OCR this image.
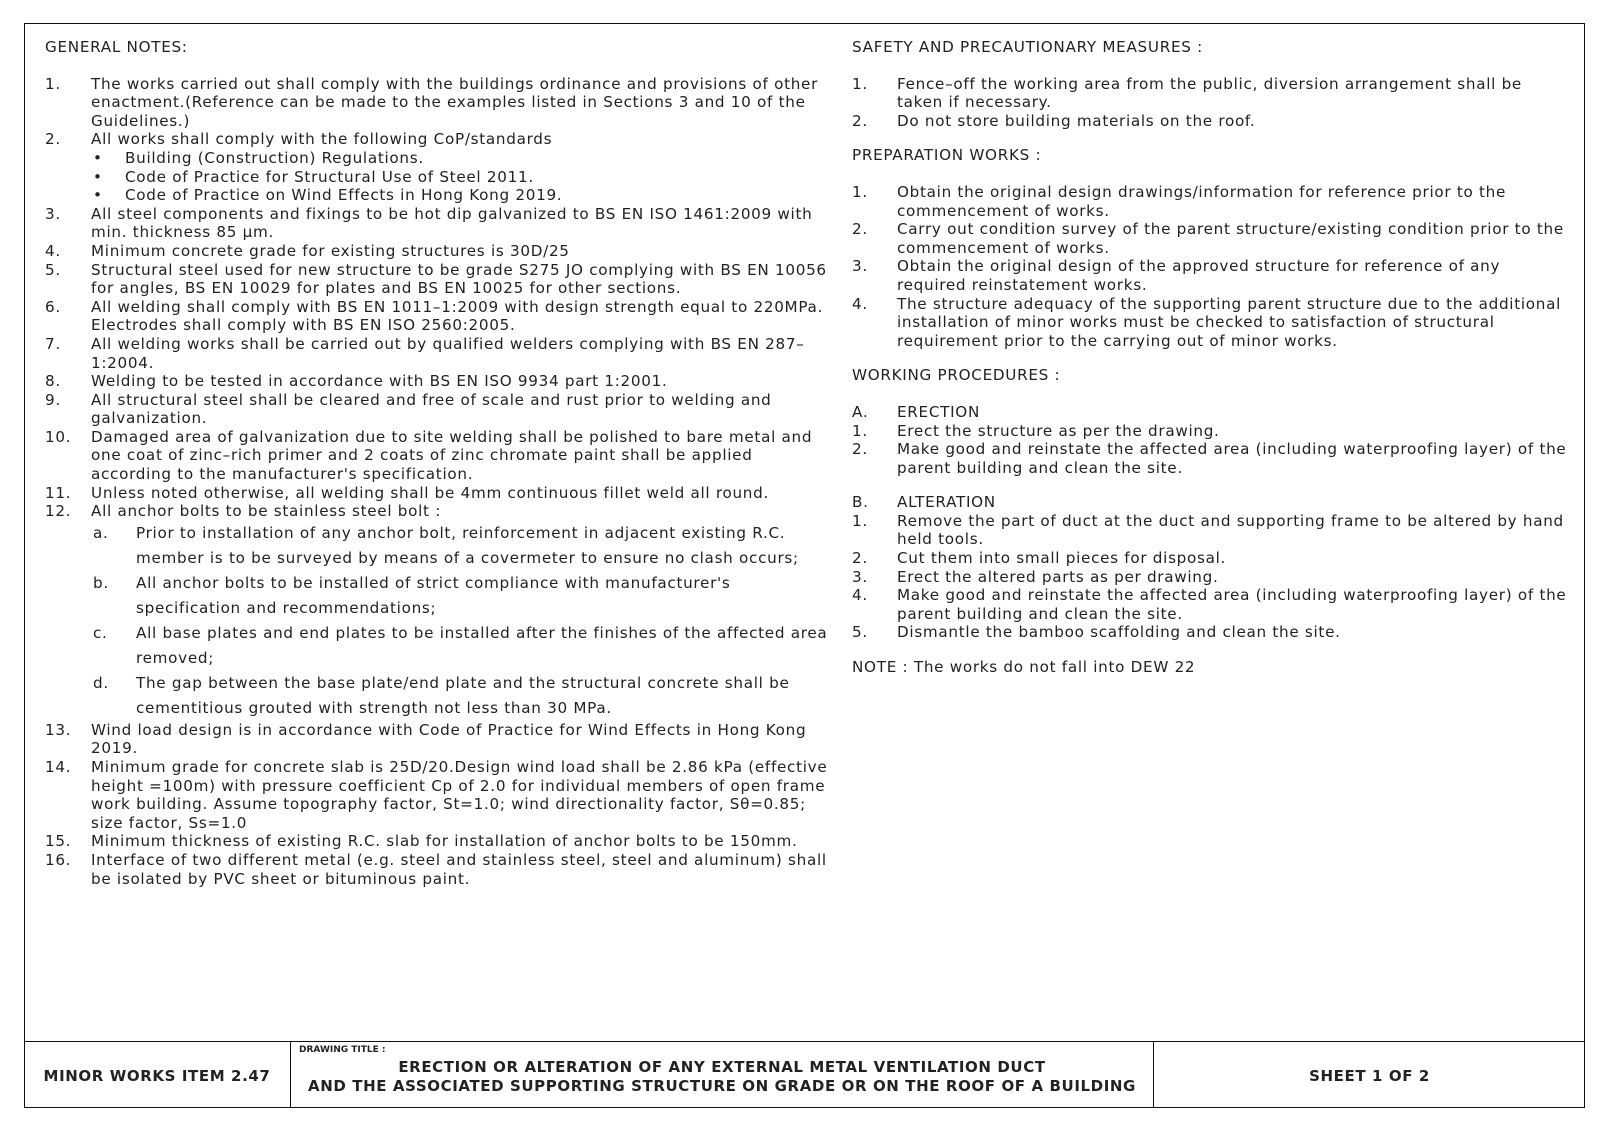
GENERAL NOTES:
1. The works carried out shall comply with the buildings ordinance and provisions of other enactment.(Reference can be made to the examples listed in Sections 3 and 10 of the Guidelines.)
2. All works shall comply with the following CoP/standards
• Building (Construction) Regulations.
• Code of Practice for Structural Use of Steel 2011.
• Code of Practice on Wind Effects in Hong Kong 2019.
3. All steel components and fixings to be hot dip galvanized to BS EN ISO 1461:2009 with min. thickness 85 µm.
4. Minimum concrete grade for existing structures is 30D/25
5. Structural steel used for new structure to be grade S275 JO complying with BS EN 10056 for angles, BS EN 10029 for plates and BS EN 10025 for other sections.
6. All welding shall comply with BS EN 1011–1:2009 with design strength equal to 220MPa. Electrodes shall comply with BS EN ISO 2560:2005.
7. All welding works shall be carried out by qualified welders complying with BS EN 287–1:2004.
8. Welding to be tested in accordance with BS EN ISO 9934 part 1:2001.
9. All structural steel shall be cleared and free of scale and rust prior to welding and galvanization.
10. Damaged area of galvanization due to site welding shall be polished to bare metal and one coat of zinc–rich primer and 2 coats of zinc chromate paint shall be applied according to the manufacturer's specification.
11. Unless noted otherwise, all welding shall be 4mm continuous fillet weld all round.
12. All anchor bolts to be stainless steel bolt :
a. Prior to installation of any anchor bolt, reinforcement in adjacent existing R.C. member is to be surveyed by means of a covermeter to ensure no clash occurs;
b. All anchor bolts to be installed of strict compliance with manufacturer's specification and recommendations;
c. All base plates and end plates to be installed after the finishes of the affected area removed;
d. The gap between the base plate/end plate and the structural concrete shall be cementitious grouted with strength not less than 30 MPa.
13. Wind load design is in accordance with Code of Practice for Wind Effects in Hong Kong 2019.
14. Minimum grade for concrete slab is 25D/20.Design wind load shall be 2.86 kPa (effective height =100m) with pressure coefficient Cp of 2.0 for individual members of open frame work building. Assume topography factor, St=1.0; wind directionality factor, Sθ=0.85; size factor, Ss=1.0
15. Minimum thickness of existing R.C. slab for installation of anchor bolts to be 150mm.
16. Interface of two different metal (e.g. steel and stainless steel, steel and aluminum) shall be isolated by PVC sheet or bituminous paint.
SAFETY AND PRECAUTIONARY MEASURES :
1. Fence–off the working area from the public, diversion arrangement shall be taken if necessary.
2. Do not store building materials on the roof.
PREPARATION WORKS :
1. Obtain the original design drawings/information for reference prior to the commencement of works.
2. Carry out condition survey of the parent structure/existing condition prior to the commencement of works.
3. Obtain the original design of the approved structure for reference of any required reinstatement works.
4. The structure adequacy of the supporting parent structure due to the additional installation of minor works must be checked to satisfaction of structural requirement prior to the carrying out of minor works.
WORKING PROCEDURES :
A. ERECTION
1. Erect the structure as per the drawing.
2. Make good and reinstate the affected area (including waterproofing layer) of the parent building and clean the site.
B. ALTERATION
1. Remove the part of duct at the duct and supporting frame to be altered by hand held tools.
2. Cut them into small pieces for disposal.
3. Erect the altered parts as per drawing.
4. Make good and reinstate the affected area (including waterproofing layer) of the parent building and clean the site.
5. Dismantle the bamboo scaffolding and clean the site.
NOTE : The works do not fall into DEW 22
MINOR WORKS ITEM 2.47
DRAWING TITLE :
ERECTION OR ALTERATION OF ANY EXTERNAL METAL VENTILATION DUCT
AND THE ASSOCIATED SUPPORTING STRUCTURE ON GRADE OR ON THE ROOF OF A BUILDING
SHEET 1 OF 2
